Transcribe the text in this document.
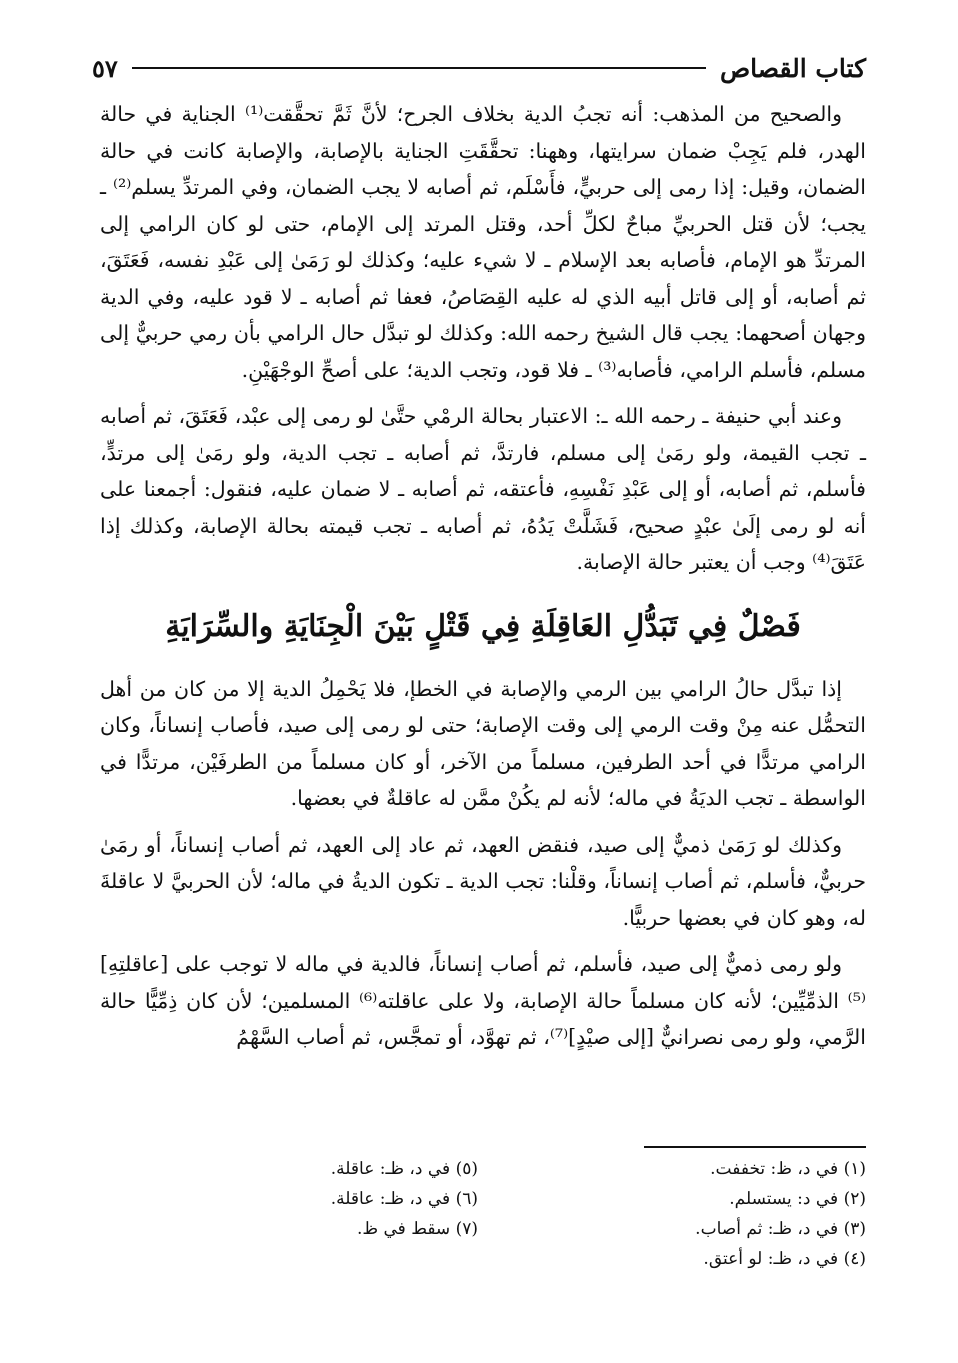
كتاب القصاص
٥٧

والصحيح من المذهب: أنه تجبُ الدية بخلاف الجرح؛ لأنَّ ثَمَّ تحقَّقت⁽¹⁾ الجناية في حالة الهدر، فلم يَجِبْ ضمان سرايتها، وههنا: تحقَّقَتِ الجناية بالإصابة، والإصابة كانت في حالة الضمان، وقيل: إذا رمى إلى حربيٍّ، فأَسْلَم، ثم أصابه لا يجب الضمان، وفي المرتدِّ يسلم⁽²⁾ ـ يجب؛ لأن قتل الحربيِّ مباحٌ لكلِّ أحد، وقتل المرتد إلى الإمام، حتى لو كان الرامي إلى المرتدِّ هو الإمام، فأصابه بعد الإسلام ـ لا شيء عليه؛ وكذلك لو رَمَىٰ إلى عَبْدِ نفسه، فَعَتَقَ، ثم أصابه، أو إلى قاتل أبيه الذي له عليه القِصَاصُ، فعفا ثم أصابه ـ لا قود عليه، وفي الدية وجهان أصحهما: يجب قال الشيخ رحمه الله: وكذلك لو تبدَّل حال الرامي بأن رمي حربيٌّ إلى مسلم، فأسلم الرامي، فأصابه⁽³⁾ ـ فلا قود، وتجب الدية؛ على أصحِّ الوجْهَيْنِ.

وعند أبي حنيفة ـ رحمه الله ـ: الاعتبار بحالة الرمْي حتَّىٰ لو رمى إلى عبْد، فَعَتَقَ، ثم أصابه ـ تجب القيمة، ولو رمَىٰ إلى مسلم، فارتدَّ، ثم أصابه ـ تجب الدية، ولو رمَىٰ إلى مرتدٍّ، فأسلم، ثم أصابه، أو إلى عَبْدِ نَفْسِهِ، فأعتقه، ثم أصابه ـ لا ضمان عليه، فنقول: أجمعنا على أنه لو رمى إلَىٰ عبْدٍ صحيح، فَشَلَّتْ يَدُهُ، ثم أصابه ـ تجب قيمته بحالة الإصابة، وكذلك إذا عَتَقَ⁽⁴⁾ وجب أن يعتبر حالة الإصابة.

فَصْلٌ فِي تَبَدُّلِ العَاقِلَةِ فِي قَتْلٍ بَيْنَ الْجِنَايَةِ والسِّرَايَةِ

إذا تبدَّل حالُ الرامي بين الرمي والإصابة في الخطإ، فلا يَحْمِلُ الدية إلا من كان من أهل التحمُّل عنه مِنْ وقت الرمي إلى وقت الإصابة؛ حتى لو رمى إلى صيد، فأصاب إنساناً، وكان الرامي مرتدًّا في أحد الطرفين، مسلماً من الآخر، أو كان مسلماً من الطرفَيْن، مرتدًّا في الواسطة ـ تجب الديَةُ في ماله؛ لأنه لم يكُنْ ممَّن له عاقلةٌ في بعضها.

وكذلك لو رَمَىٰ ذميٌّ إلى صيد، فنقض العهد، ثم عاد إلى العهد، ثم أصاب إنساناً، أو رمَىٰ حربيٌّ، فأسلم، ثم أصاب إنساناً، وقلْنا: تجب الدية ـ تكون الديةُ في ماله؛ لأن الحربيَّ لا عاقلةَ له، وهو كان في بعضها حربيًّا.

ولو رمى ذميٌّ إلى صيد، فأسلم، ثم أصاب إنساناً، فالدية في ماله لا توجب على [عاقلتِهِ]⁽⁵⁾ الذمِّيِّين؛ لأنه كان مسلماً حالة الإصابة، ولا على عاقلته⁽⁶⁾ المسلمين؛ لأن كان ذِمِّيًّا حالة الرَّمي، ولو رمى نصرانيٌّ [إلى صيْدٍ]⁽⁷⁾، ثم تهوَّد، أو تمجَّس، ثم أصاب السَّهْمُ

(١) في د، ظ: تخففت.
(٢) في د: يستسلم.
(٣) في د، ظـ: ثم أصاب.
(٤) في د، ظـ: لو أعتق.
(٥) في د، ظـ: عاقلة.
(٦) في د، ظـ: عاقلة.
(٧) سقط في ظ.
